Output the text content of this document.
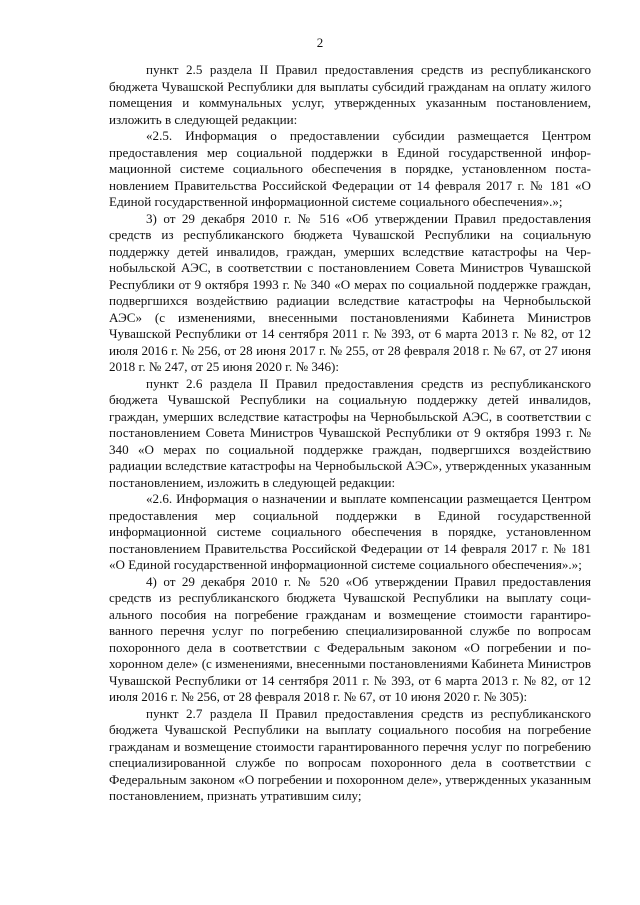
2

пункт 2.5 раздела II Правил предоставления средств из республиканского бюджета Чувашской Республики для выплаты субсидий гражданам на оплату жилого помещения и коммунальных услуг, утвержденных указанным постановлением, изложить в следующей редакции:

«2.5. Информация о предоставлении субсидии размещается Центром предоставления мер социальной поддержки в Единой государственной информационной системе социального обеспечения в порядке, установленном постановлением Правительства Российской Федерации от 14 февраля 2017 г. № 181 «О Единой государственной информационной системе социального обеспечения».»;

3) от 29 декабря 2010 г. № 516 «Об утверждении Правил предоставления средств из республиканского бюджета Чувашской Республики на социальную поддержку детей инвалидов, граждан, умерших вследствие катастрофы на Чернобыльской АЭС, в соответствии с постановлением Совета Министров Чувашской Республики от 9 октября 1993 г. № 340 «О мерах по социальной поддержке граждан, подвергшихся воздействию радиации вследствие катастрофы на Чернобыльской АЭС» (с изменениями, внесенными постановлениями Кабинета Министров Чувашской Республики от 14 сентября 2011 г. № 393, от 6 марта 2013 г. № 82, от 12 июля 2016 г. № 256, от 28 июня 2017 г. № 255, от 28 февраля 2018 г. № 67, от 27 июня 2018 г. № 247, от 25 июня 2020 г. № 346):

пункт 2.6 раздела II Правил предоставления средств из республиканского бюджета Чувашской Республики на социальную поддержку детей инвалидов, граждан, умерших вследствие катастрофы на Чернобыльской АЭС, в соответствии с постановлением Совета Министров Чувашской Республики от 9 октября 1993 г. № 340 «О мерах по социальной поддержке граждан, подвергшихся воздействию радиации вследствие катастрофы на Чернобыльской АЭС», утвержденных указанным постановлением, изложить в следующей редакции:

«2.6. Информация о назначении и выплате компенсации размещается Центром предоставления мер социальной поддержки в Единой государственной информационной системе социального обеспечения в порядке, установленном постановлением Правительства Российской Федерации от 14 февраля 2017 г. № 181 «О Единой государственной информационной системе социального обеспечения».»;

4) от 29 декабря 2010 г. № 520 «Об утверждении Правил предоставления средств из республиканского бюджета Чувашской Республики на выплату социального пособия на погребение гражданам и возмещение стоимости гарантированного перечня услуг по погребению специализированной службе по вопросам похоронного дела в соответствии с Федеральным законом «О погребении и похоронном деле» (с изменениями, внесенными постановлениями Кабинета Министров Чувашской Республики от 14 сентября 2011 г. № 393, от 6 марта 2013 г. № 82, от 12 июля 2016 г. № 256, от 28 февраля 2018 г. № 67, от 10 июня 2020 г. № 305):

пункт 2.7 раздела II Правил предоставления средств из республиканского бюджета Чувашской Республики на выплату социального пособия на погребение гражданам и возмещение стоимости гарантированного перечня услуг по погребению специализированной службе по вопросам похоронного дела в соответствии с Федеральным законом «О погребении и похоронном деле», утвержденных указанным постановлением, признать утратившим силу;
